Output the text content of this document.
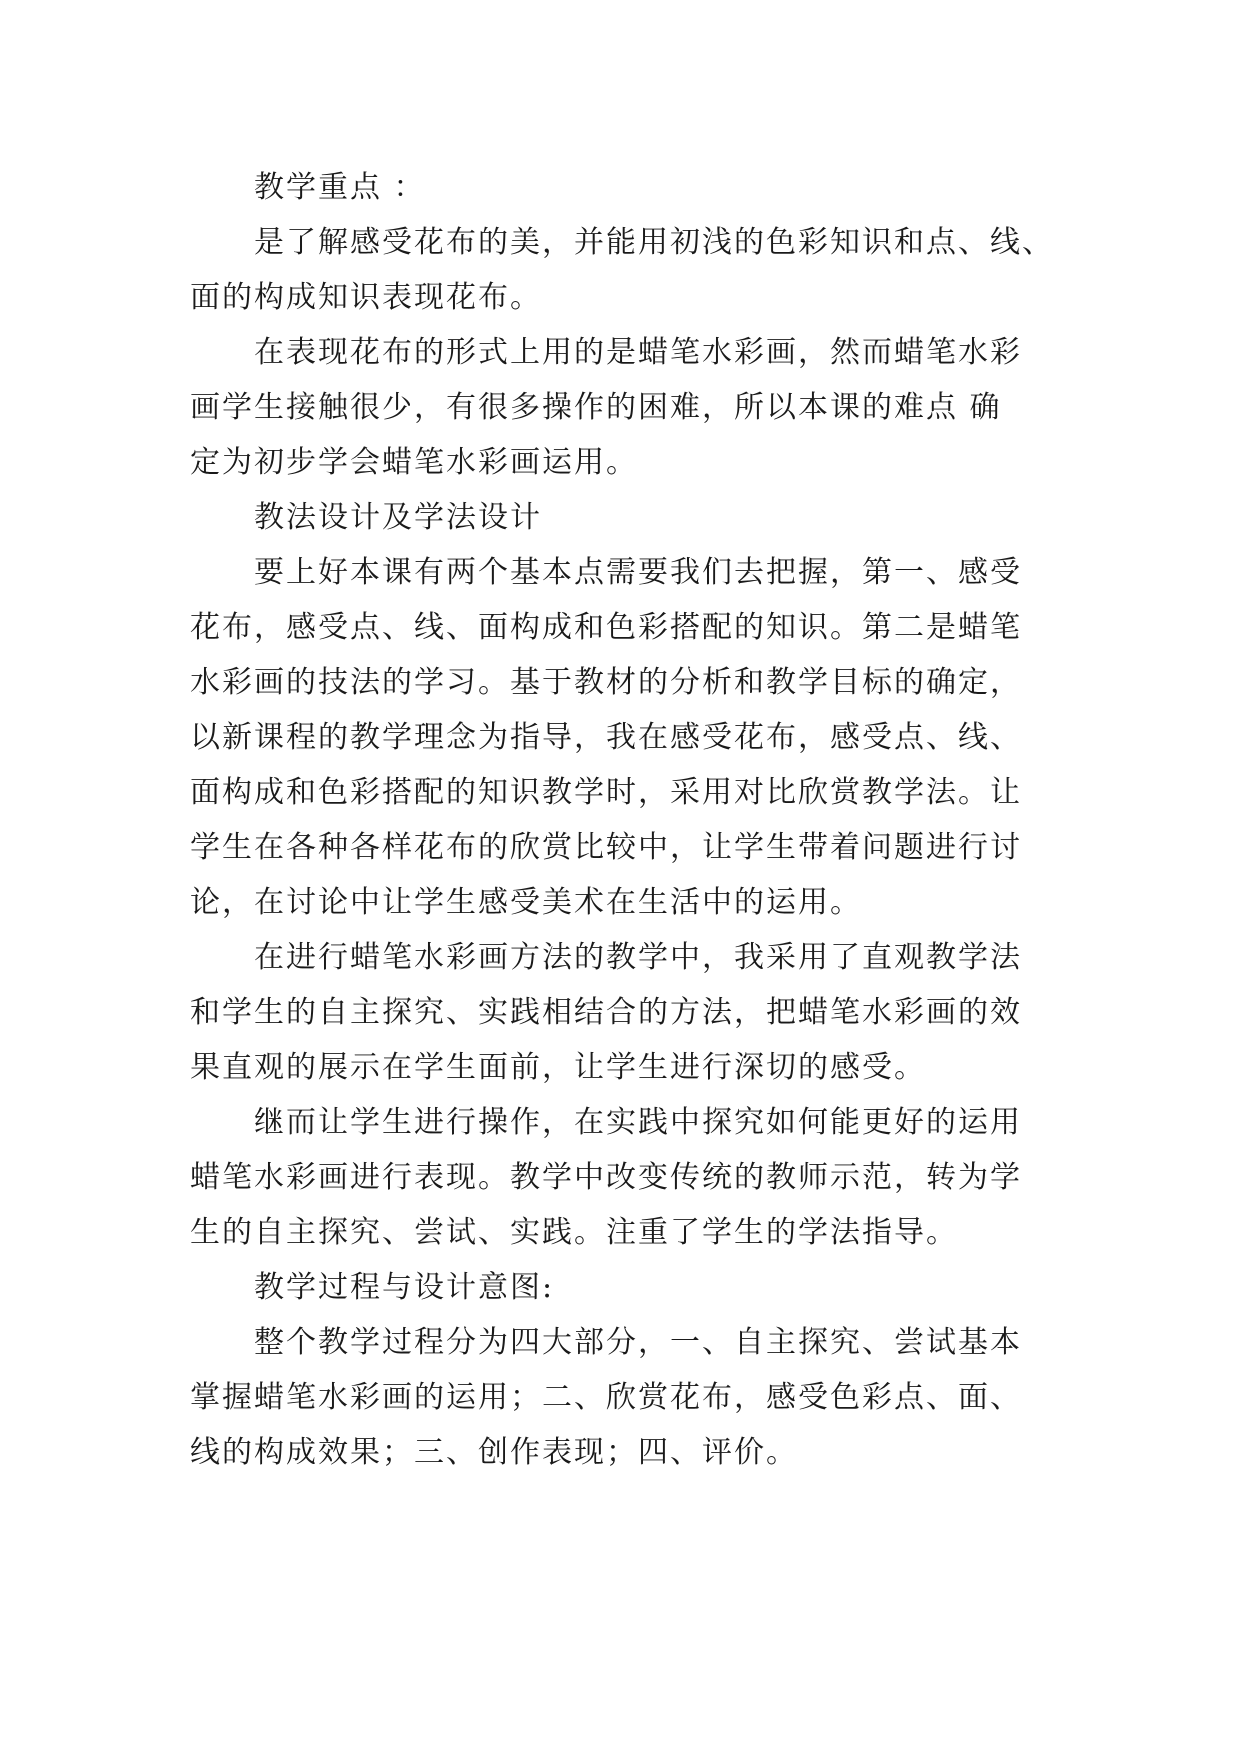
教学重点 ：
是了解感受花布的美，并能用初浅的色彩知识和点、线、
面的构成知识表现花布。
在表现花布的形式上用的是蜡笔水彩画，然而蜡笔水彩
画学生接触很少，有很多操作的困难，所以本课的难点 确
定为初步学会蜡笔水彩画运用。
教法设计及学法设计
要上好本课有两个基本点需要我们去把握，第一、感受
花布，感受点、线、面构成和色彩搭配的知识。第二是蜡笔
水彩画的技法的学习。基于教材的分析和教学目标的确定，
以新课程的教学理念为指导，我在感受花布，感受点、线、
面构成和色彩搭配的知识教学时，采用对比欣赏教学法。让
学生在各种各样花布的欣赏比较中，让学生带着问题进行讨
论，在讨论中让学生感受美术在生活中的运用。
在进行蜡笔水彩画方法的教学中，我采用了直观教学法
和学生的自主探究、实践相结合的方法，把蜡笔水彩画的效
果直观的展示在学生面前，让学生进行深切的感受。
继而让学生进行操作，在实践中探究如何能更好的运用
蜡笔水彩画进行表现。教学中改变传统的教师示范，转为学
生的自主探究、尝试、实践。注重了学生的学法指导。
教学过程与设计意图:
整个教学过程分为四大部分，一、自主探究、尝试基本
掌握蜡笔水彩画的运用；二、欣赏花布，感受色彩点、面、
线的构成效果；三、创作表现；四、评价。
